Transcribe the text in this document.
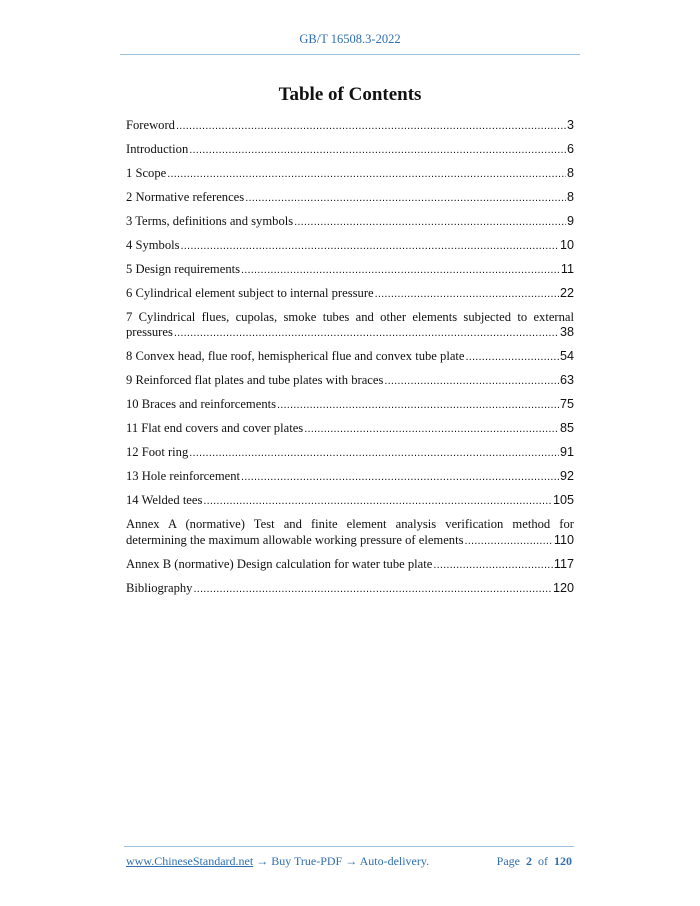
GB/T 16508.3-2022
Table of Contents
Foreword .....	3
Introduction .....	6
1 Scope .....	8
2 Normative references .....	8
3 Terms, definitions and symbols .....	9
4 Symbols .....	10
5 Design requirements .....	11
6 Cylindrical element subject to internal pressure .....	22
7 Cylindrical flues, cupolas, smoke tubes and other elements subjected to external
pressures .....	38
8 Convex head, flue roof, hemispherical flue and convex tube plate .....	54
9 Reinforced flat plates and tube plates with braces .....	63
10 Braces and reinforcements .....	75
11 Flat end covers and cover plates .....	85
12 Foot ring .....	91
13 Hole reinforcement .....	92
14 Welded tees .....	105
Annex A (normative) Test and finite element analysis verification method for
determining the maximum allowable working pressure of elements .....	110
Annex B (normative) Design calculation for water tube plate .....	117
Bibliography .....	120
www.ChineseStandard.net → Buy True-PDF → Auto-delivery.	Page 2 of 120
